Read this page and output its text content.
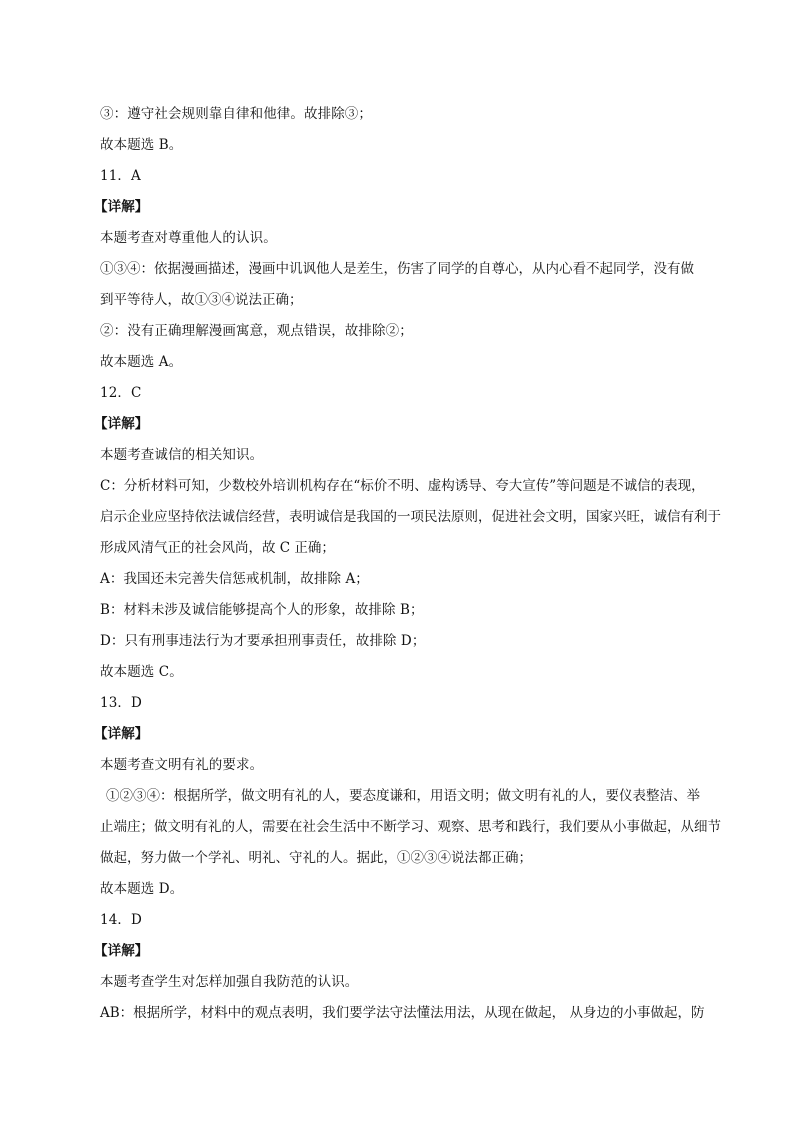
③：遵守社会规则靠自律和他律。故排除③；
故本题选 B。
11．A
【详解】
本题考查对尊重他人的认识。
①③④：依据漫画描述，漫画中讥讽他人是差生，伤害了同学的自尊心，从内心看不起同学，没有做
到平等待人，故①③④说法正确；
②：没有正确理解漫画寓意，观点错误，故排除②；
故本题选 A。
12．C
【详解】
本题考查诚信的相关知识。
C：分析材料可知，少数校外培训机构存在“标价不明、虚构诱导、夸大宣传”等问题是不诚信的表现，
启示企业应坚持依法诚信经营，表明诚信是我国的一项民法原则，促进社会文明，国家兴旺，诚信有利于
形成风清气正的社会风尚，故 C 正确；
A：我国还未完善失信惩戒机制，故排除 A；
B：材料未涉及诚信能够提高个人的形象，故排除 B；
D：只有刑事违法行为才要承担刑事责任，故排除 D；
故本题选 C。
13．D
【详解】
本题考查文明有礼的要求。
①②③④：根据所学，做文明有礼的人，要态度谦和，用语文明；做文明有礼的人，要仪表整洁、举
止端庄；做文明有礼的人，需要在社会生活中不断学习、观察、思考和践行，我们要从小事做起，从细节
做起，努力做一个学礼、明礼、守礼的人。据此，①②③④说法都正确；
故本题选 D。
14．D
【详解】
本题考查学生对怎样加强自我防范的认识。
AB：根据所学，材料中的观点表明，我们要学法守法懂法用法，从现在做起， 从身边的小事做起，防
